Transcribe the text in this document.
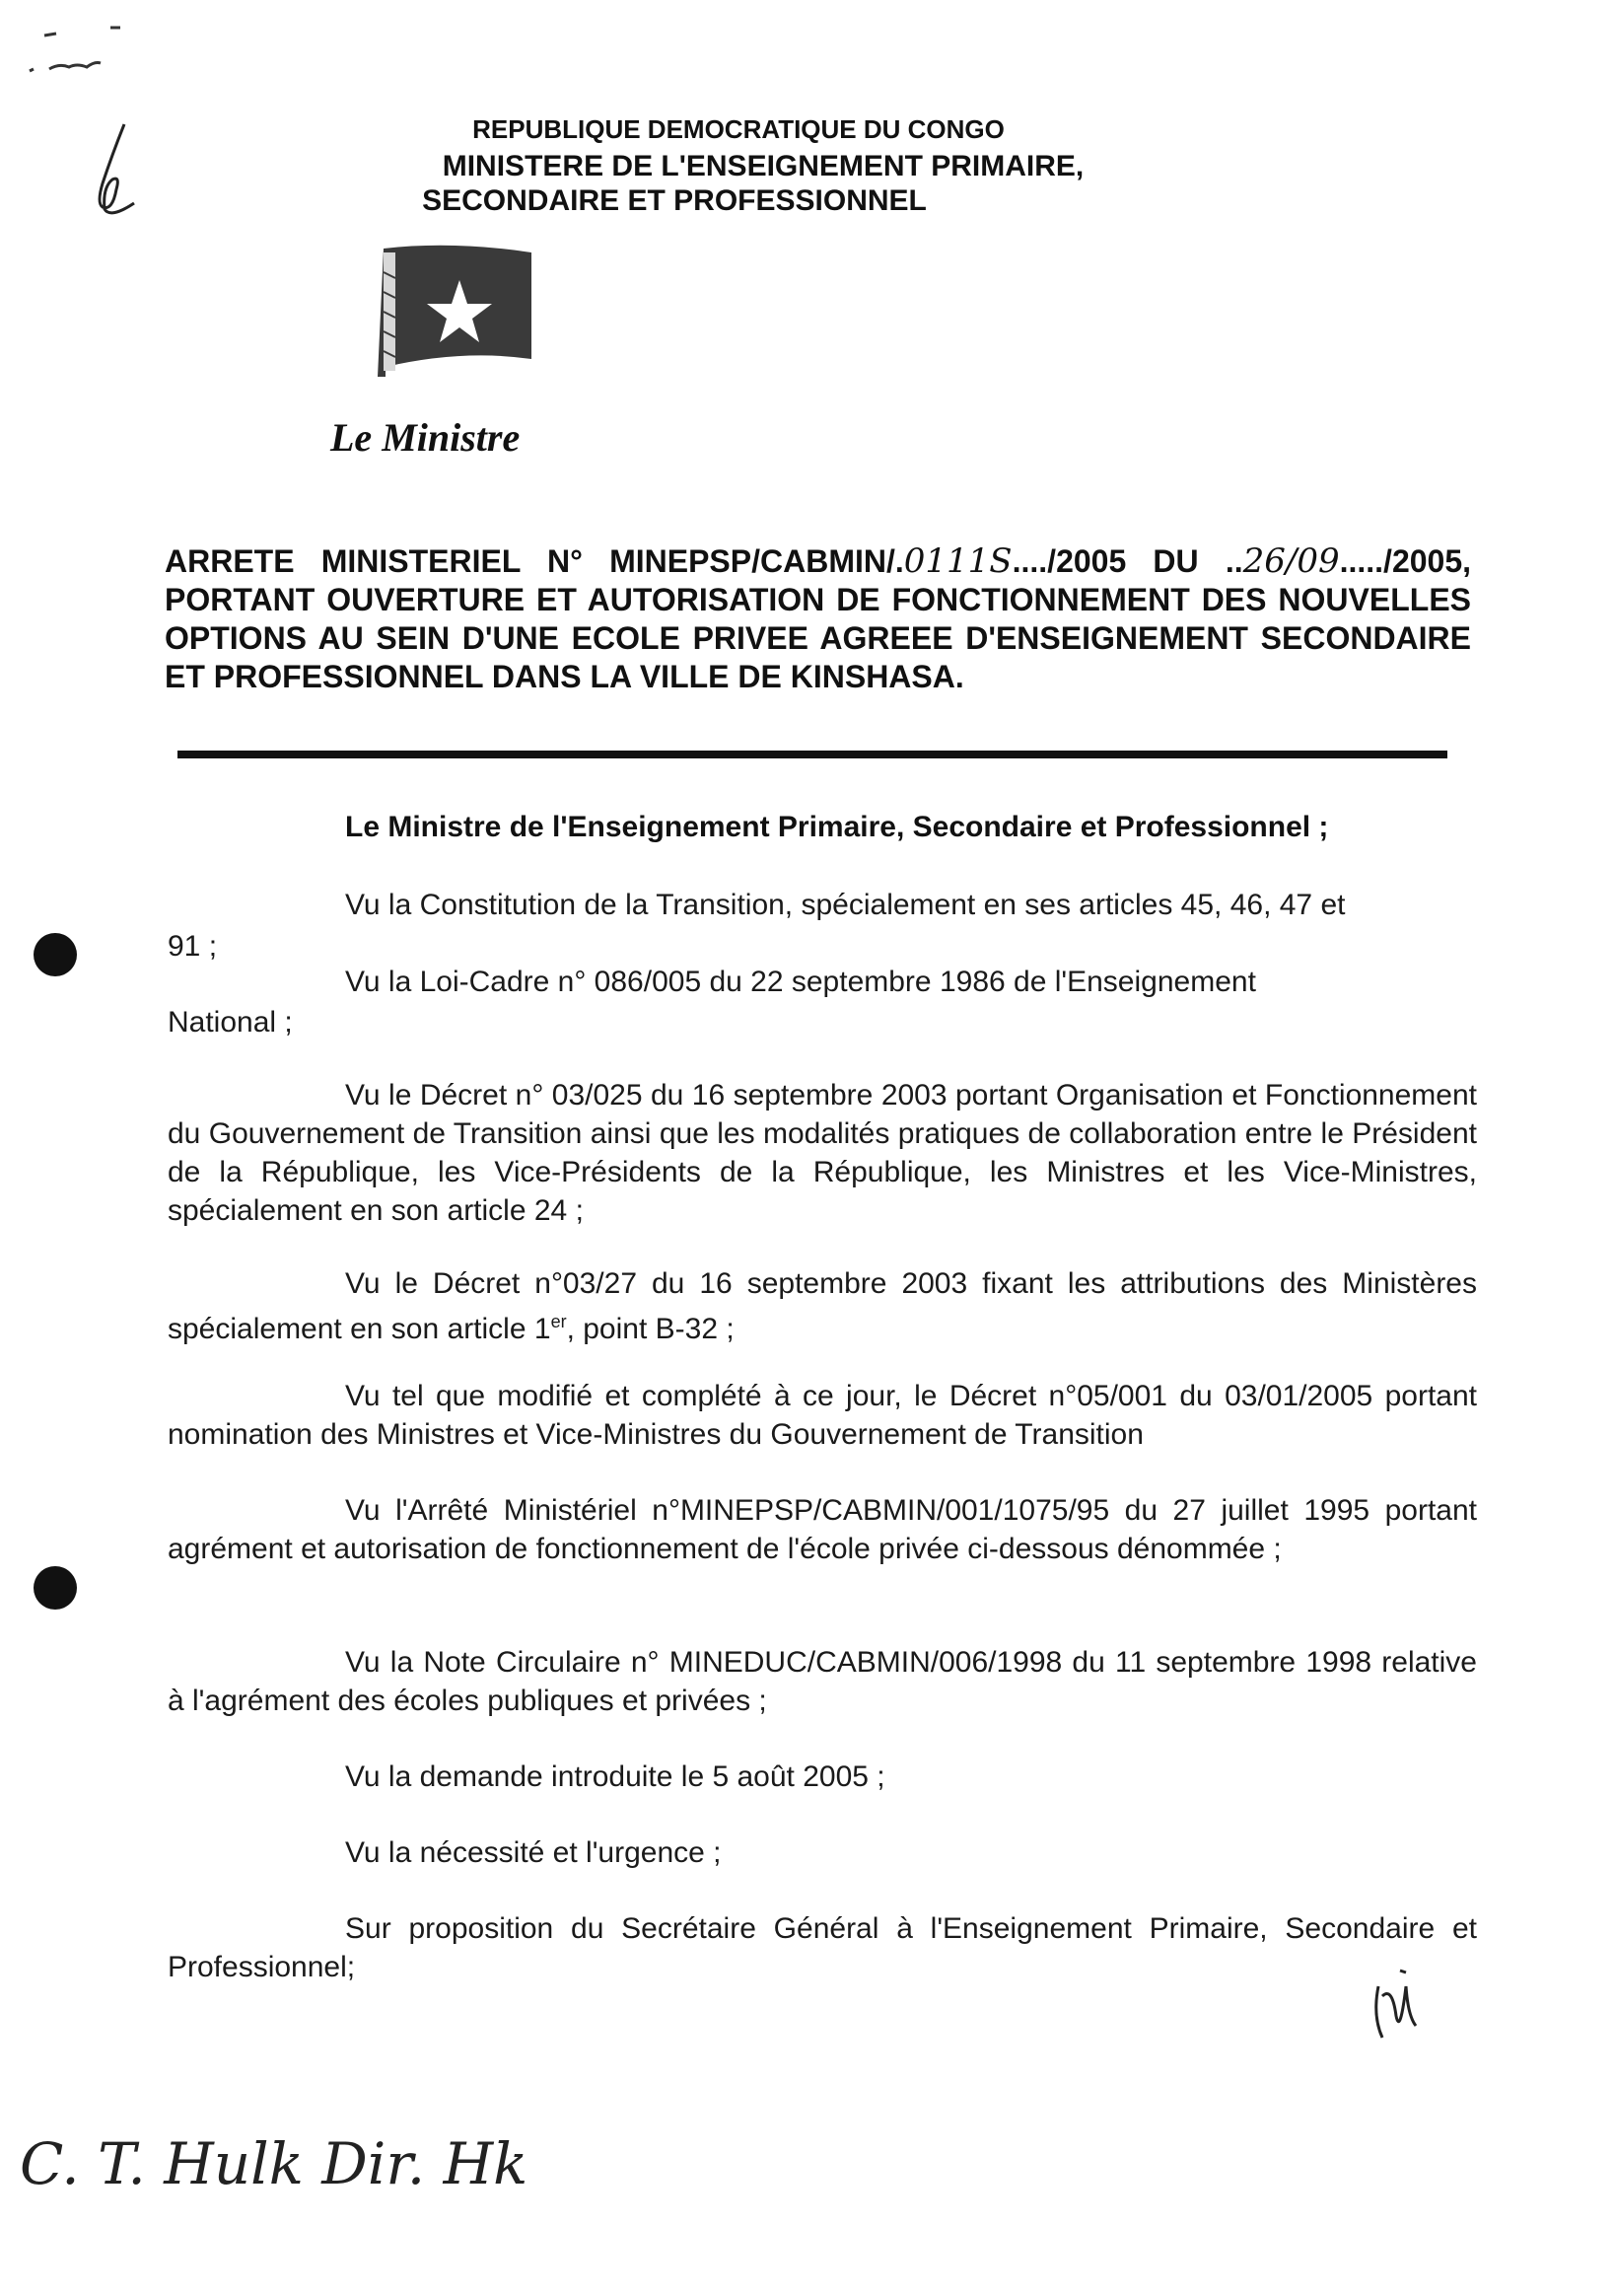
REPUBLIQUE DEMOCRATIQUE DU CONGO
MINISTERE DE L'ENSEIGNEMENT PRIMAIRE,
SECONDAIRE ET PROFESSIONNEL
Le Ministre
ARRETE MINISTERIEL N° MINEPSP/CABMIN/.0111S..../2005 DU ..26/09...../2005, PORTANT OUVERTURE ET AUTORISATION DE FONCTIONNEMENT DES NOUVELLES OPTIONS AU SEIN D'UNE ECOLE PRIVEE AGREEE D'ENSEIGNEMENT SECONDAIRE ET PROFESSIONNEL DANS LA VILLE DE KINSHASA.
Le Ministre de l'Enseignement Primaire, Secondaire et Professionnel ;
Vu la Constitution de la Transition, spécialement en ses articles 45, 46, 47 et
91 ;
Vu la Loi-Cadre n° 086/005 du 22 septembre 1986 de l'Enseignement
National ;
Vu le Décret n° 03/025 du 16 septembre 2003 portant Organisation et Fonctionnement du Gouvernement de Transition ainsi que les modalités pratiques de collaboration entre le Président de la République, les Vice-Présidents de la République, les Ministres et les Vice-Ministres, spécialement en son article 24 ;
Vu le Décret n°03/27 du 16 septembre 2003 fixant les attributions des Ministères spécialement en son article 1er, point B-32 ;
Vu tel que modifié et complété à ce jour, le Décret n°05/001 du 03/01/2005 portant nomination des Ministres et Vice-Ministres du Gouvernement de Transition
Vu l'Arrêté Ministériel n°MINEPSP/CABMIN/001/1075/95 du 27 juillet 1995 portant agrément et autorisation de fonctionnement de l'école privée ci-dessous dénommée ;
Vu la Note Circulaire n° MINEDUC/CABMIN/006/1998 du 11 septembre 1998 relative à l'agrément des écoles publiques et privées ;
Vu la demande introduite le 5 août 2005 ;
Vu la nécessité et l'urgence ;
Sur proposition du Secrétaire Général à l'Enseignement Primaire, Secondaire et Professionnel;
C. T. Hulk Dir. Hk
